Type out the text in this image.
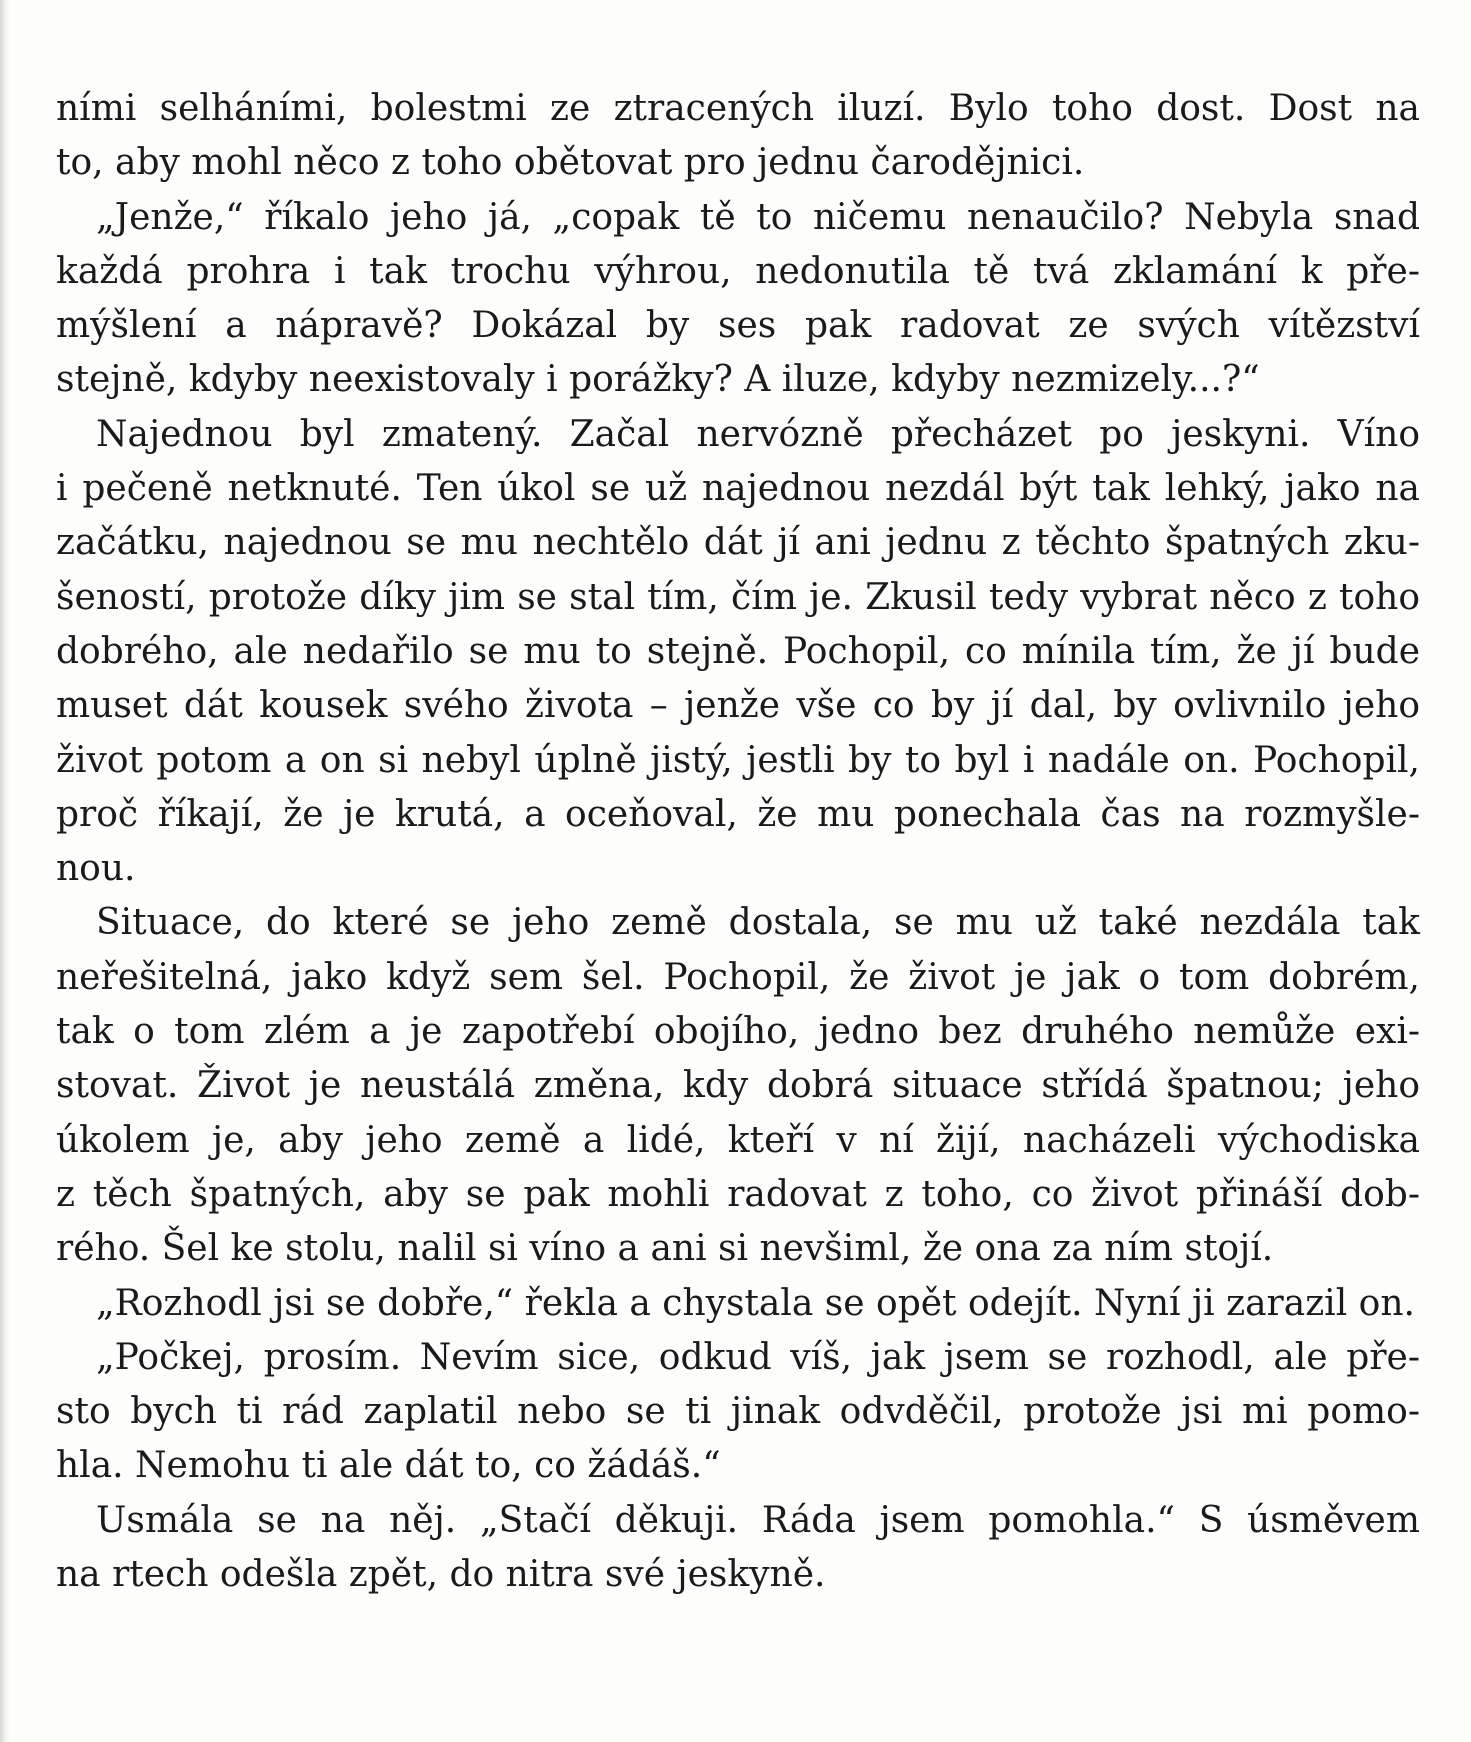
ními selháními, bolestmi ze ztracených iluzí. Bylo toho dost. Dost na
to, aby mohl něco z toho obětovat pro jednu čarodějnici.
„Jenže,“ říkalo jeho já, „copak tě to ničemu nenaučilo? Nebyla snad
každá prohra i tak trochu výhrou, nedonutila tě tvá zklamání k pře-
mýšlení a nápravě? Dokázal by ses pak radovat ze svých vítězství
stejně, kdyby neexistovaly i porážky? A iluze, kdyby nezmizely...?“
Najednou byl zmatený. Začal nervózně přecházet po jeskyni. Víno
i pečeně netknuté. Ten úkol se už najednou nezdál být tak lehký, jako na
začátku, najednou se mu nechtělo dát jí ani jednu z těchto špatných zku-
šeností, protože díky jim se stal tím, čím je. Zkusil tedy vybrat něco z toho
dobrého, ale nedařilo se mu to stejně. Pochopil, co mínila tím, že jí bude
muset dát kousek svého života – jenže vše co by jí dal, by ovlivnilo jeho
život potom a on si nebyl úplně jistý, jestli by to byl i nadále on. Pochopil,
proč říkají, že je krutá, a oceňoval, že mu ponechala čas na rozmyšle-
nou.
Situace, do které se jeho země dostala, se mu už také nezdála tak
neřešitelná, jako když sem šel. Pochopil, že život je jak o tom dobrém,
tak o tom zlém a je zapotřebí obojího, jedno bez druhého nemůže exi-
stovat. Život je neustálá změna, kdy dobrá situace střídá špatnou; jeho
úkolem je, aby jeho země a lidé, kteří v ní žijí, nacházeli východiska
z těch špatných, aby se pak mohli radovat z toho, co život přináší dob-
rého. Šel ke stolu, nalil si víno a ani si nevšiml, že ona za ním stojí.
„Rozhodl jsi se dobře,“ řekla a chystala se opět odejít. Nyní ji zarazil on.
„Počkej, prosím. Nevím sice, odkud víš, jak jsem se rozhodl, ale pře-
sto bych ti rád zaplatil nebo se ti jinak odvděčil, protože jsi mi pomo-
hla. Nemohu ti ale dát to, co žádáš.“
Usmála se na něj. „Stačí děkuji. Ráda jsem pomohla.“ S úsměvem
na rtech odešla zpět, do nitra své jeskyně.
